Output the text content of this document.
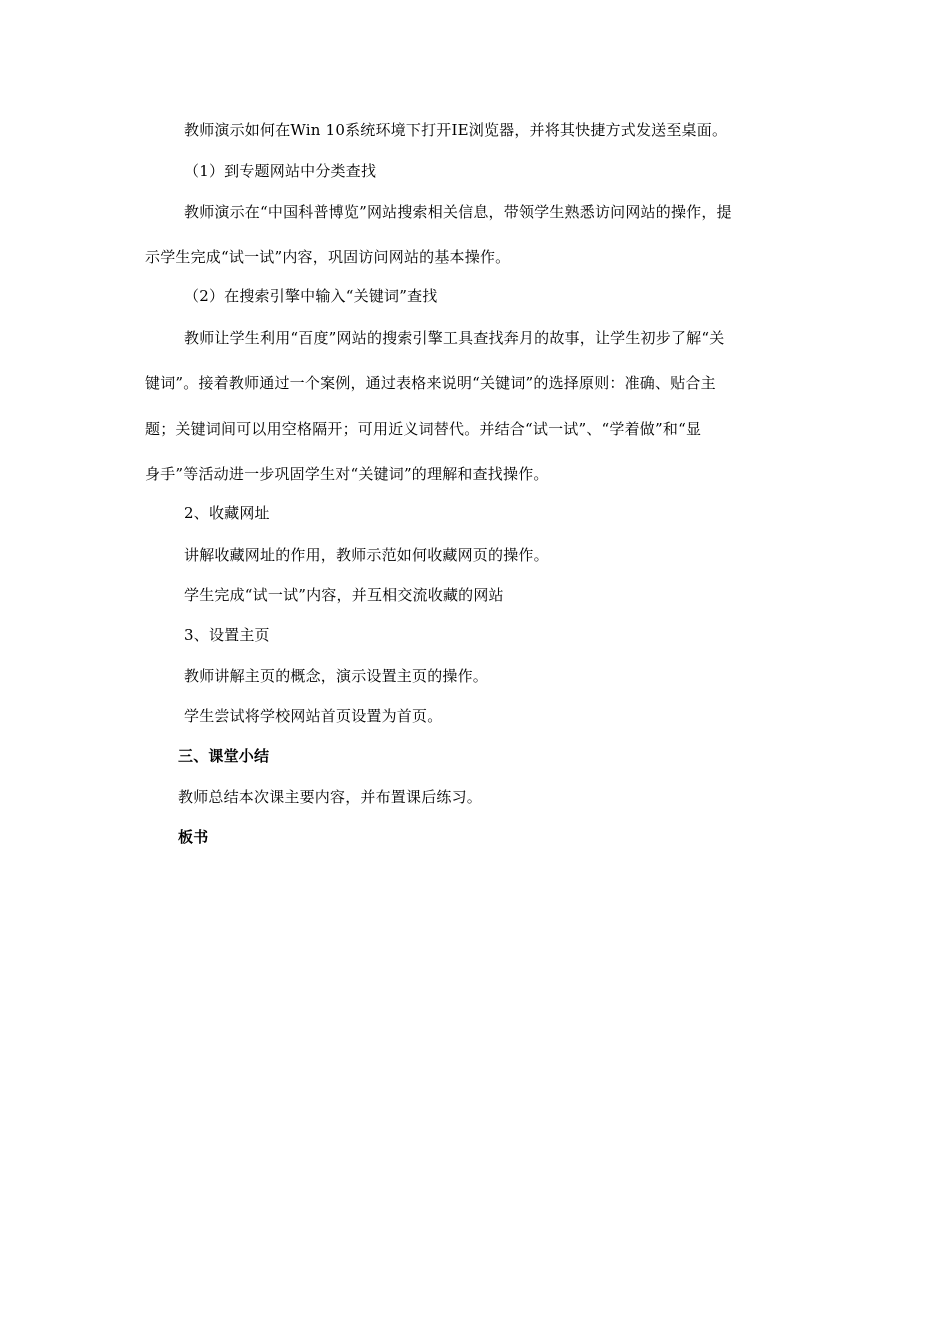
教师演示如何在Win 10系统环境下打开IE浏览器，并将其快捷方式发送至桌面。
（1）到专题网站中分类查找
教师演示在“中国科普博览”网站搜索相关信息，带领学生熟悉访问网站的操作，提
示学生完成“试一试”内容，巩固访问网站的基本操作。
（2）在搜索引擎中输入“关键词”查找
教师让学生利用“百度”网站的搜索引擎工具查找奔月的故事，让学生初步了解“关
键词”。接着教师通过一个案例，通过表格来说明“关键词”的选择原则：准确、贴合主
题；关键词间可以用空格隔开；可用近义词替代。并结合“试一试”、“学着做”和“显
身手”等活动进一步巩固学生对“关键词”的理解和查找操作。
2、收藏网址
讲解收藏网址的作用，教师示范如何收藏网页的操作。
学生完成“试一试”内容，并互相交流收藏的网站
3、设置主页
教师讲解主页的概念，演示设置主页的操作。
学生尝试将学校网站首页设置为首页。
三、课堂小结
教师总结本次课主要内容，并布置课后练习。
板书
